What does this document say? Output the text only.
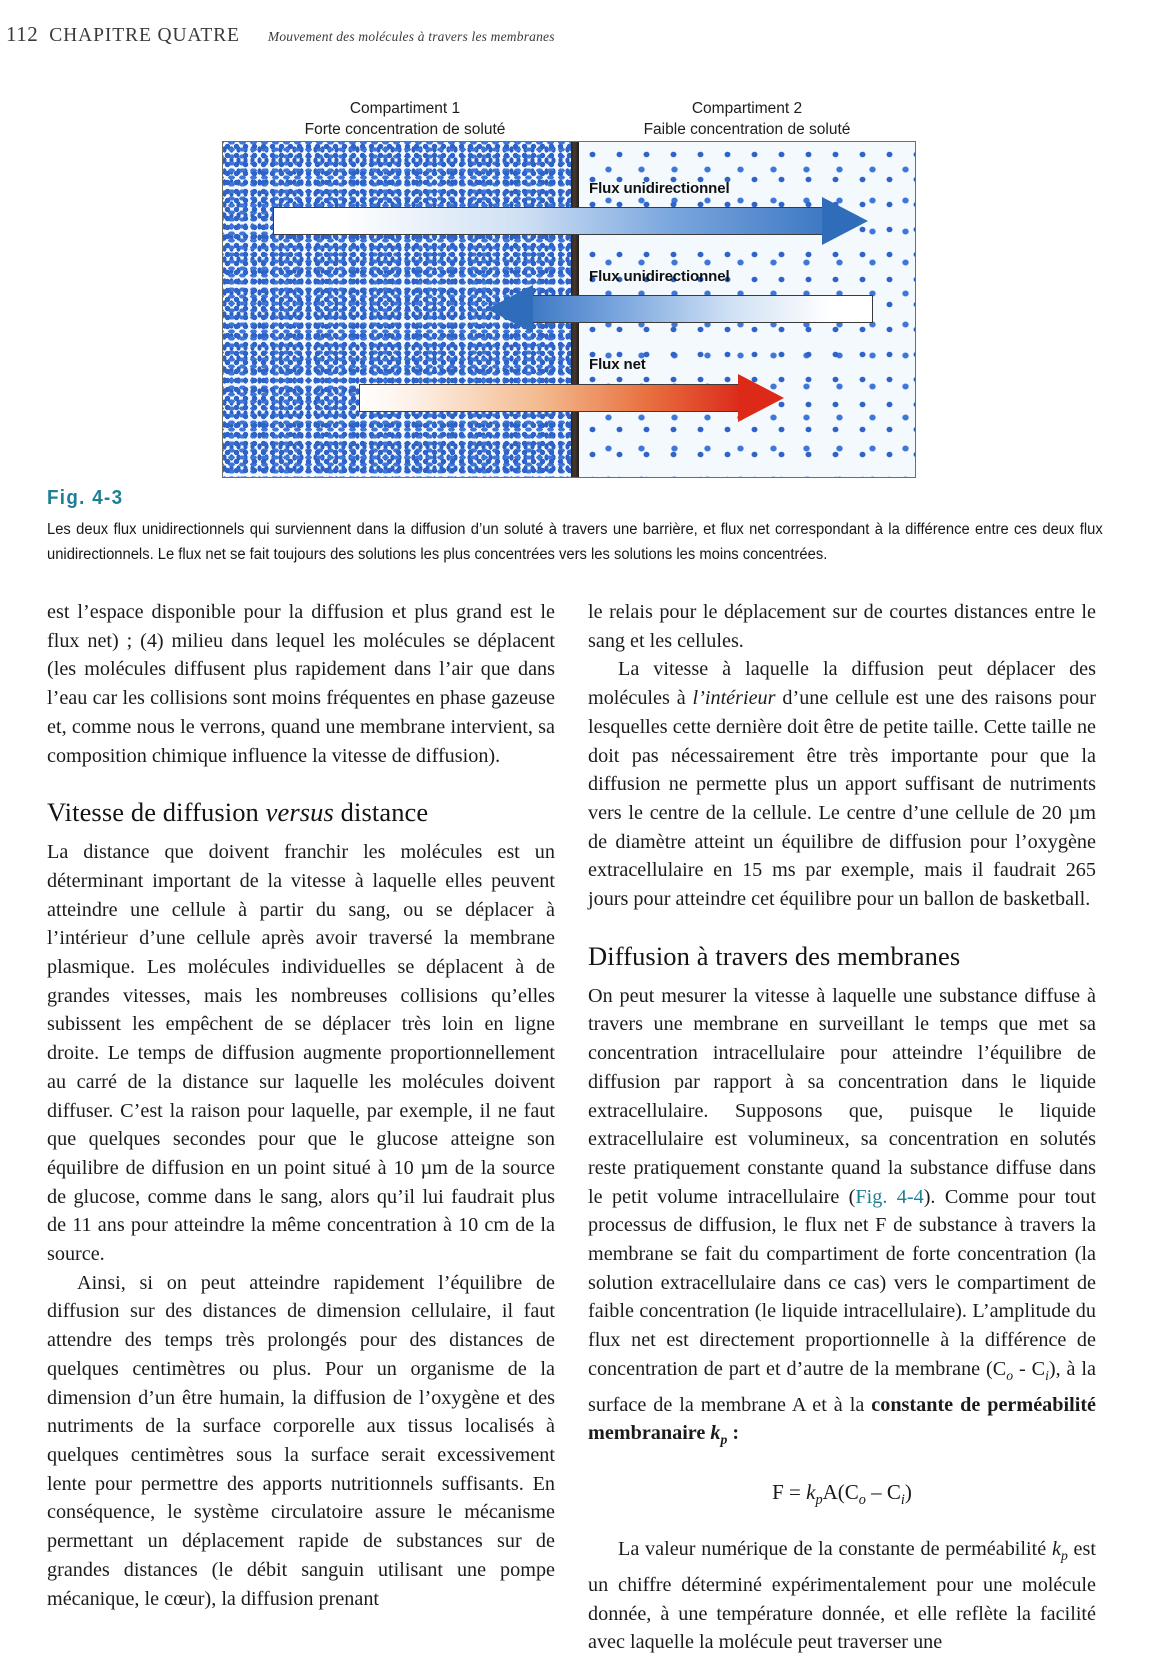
112 CHAPITRE QUATRE Mouvement des molécules à travers les membranes
Compartiment 1
Forte concentration de soluté
Compartiment 2
Faible concentration de soluté
Flux unidirectionnel
Flux unidirectionnel
Flux net
Fig. 4-3
Les deux flux unidirectionnels qui surviennent dans la diffusion d’un soluté à travers une barrière, et flux net correspondant à la différence entre ces deux flux unidirectionnels. Le flux net se fait toujours des solutions les plus concentrées vers les solutions les moins concentrées.

est l’espace disponible pour la diffusion et plus grand est le flux net) ; (4) milieu dans lequel les molécules se déplacent (les molécules diffusent plus rapidement dans l’air que dans l’eau car les collisions sont moins fréquentes en phase gazeuse et, comme nous le verrons, quand une membrane intervient, sa composition chimique influence la vitesse de diffusion).

Vitesse de diffusion versus distance

La distance que doivent franchir les molécules est un déterminant important de la vitesse à laquelle elles peuvent atteindre une cellule à partir du sang, ou se déplacer à l’intérieur d’une cellule après avoir traversé la membrane plasmique. Les molécules individuelles se déplacent à de grandes vitesses, mais les nombreuses collisions qu’elles subissent les empêchent de se déplacer très loin en ligne droite. Le temps de diffusion augmente proportionnellement au carré de la distance sur laquelle les molécules doivent diffuser. C’est la raison pour laquelle, par exemple, il ne faut que quelques secondes pour que le glucose atteigne son équilibre de diffusion en un point situé à 10 µm de la source de glucose, comme dans le sang, alors qu’il lui faudrait plus de 11 ans pour atteindre la même concentration à 10 cm de la source.

Ainsi, si on peut atteindre rapidement l’équilibre de diffusion sur des distances de dimension cellulaire, il faut attendre des temps très prolongés pour des distances de quelques centimètres ou plus. Pour un organisme de la dimension d’un être humain, la diffusion de l’oxygène et des nutriments de la surface corporelle aux tissus localisés à quelques centimètres sous la surface serait excessivement lente pour permettre des apports nutritionnels suffisants. En conséquence, le système circulatoire assure le mécanisme permettant un déplacement rapide de substances sur de grandes distances (le débit sanguin utilisant une pompe mécanique, le cœur), la diffusion prenant

le relais pour le déplacement sur de courtes distances entre le sang et les cellules.

La vitesse à laquelle la diffusion peut déplacer des molécules à l’intérieur d’une cellule est une des raisons pour lesquelles cette dernière doit être de petite taille. Cette taille ne doit pas nécessairement être très importante pour que la diffusion ne permette plus un apport suffisant de nutriments vers le centre de la cellule. Le centre d’une cellule de 20 µm de diamètre atteint un équilibre de diffusion pour l’oxygène extracellulaire en 15 ms par exemple, mais il faudrait 265 jours pour atteindre cet équilibre pour un ballon de basketball.

Diffusion à travers des membranes

On peut mesurer la vitesse à laquelle une substance diffuse à travers une membrane en surveillant le temps que met sa concentration intracellulaire pour atteindre l’équilibre de diffusion par rapport à sa concentration dans le liquide extracellulaire. Supposons que, puisque le liquide extracellulaire est volumineux, sa concentration en solutés reste pratiquement constante quand la substance diffuse dans le petit volume intracellulaire (Fig. 4-4). Comme pour tout processus de diffusion, le flux net F de substance à travers la membrane se fait du compartiment de forte concentration (la solution extracellulaire dans ce cas) vers le compartiment de faible concentration (le liquide intracellulaire). L’amplitude du flux net est directement proportionnelle à la différence de concentration de part et d’autre de la membrane $(C_o - C_i)$, à la surface de la membrane A et à la constante de perméabilité membranaire $k_p$ :

$F = k_pA(C_o - C_i)$

La valeur numérique de la constante de perméabilité $k_p$ est un chiffre déterminé expérimentalement pour une molécule donnée, à une température donnée, et elle reflète la facilité avec laquelle la molécule peut traverser une
